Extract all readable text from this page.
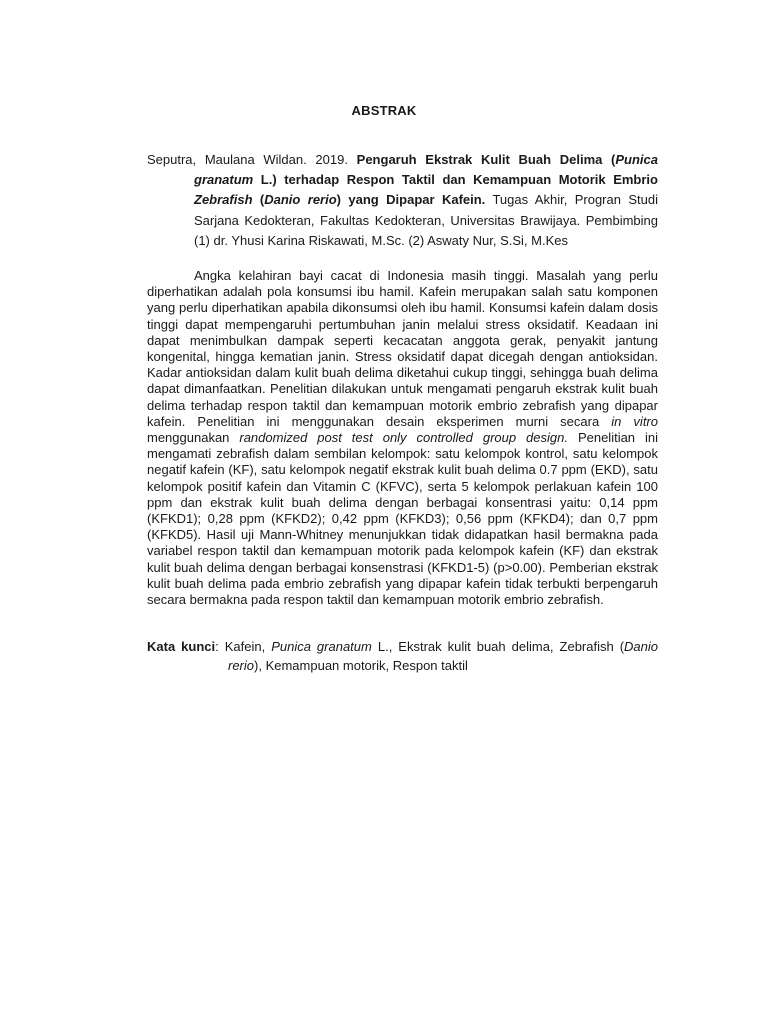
ABSTRAK
Seputra, Maulana Wildan. 2019. Pengaruh Ekstrak Kulit Buah Delima (Punica granatum L.) terhadap Respon Taktil dan Kemampuan Motorik Embrio Zebrafish (Danio rerio) yang Dipapar Kafein. Tugas Akhir, Progran Studi Sarjana Kedokteran, Fakultas Kedokteran, Universitas Brawijaya. Pembimbing (1) dr. Yhusi Karina Riskawati, M.Sc. (2) Aswaty Nur, S.Si, M.Kes
Angka kelahiran bayi cacat di Indonesia masih tinggi. Masalah yang perlu diperhatikan adalah pola konsumsi ibu hamil. Kafein merupakan salah satu komponen yang perlu diperhatikan apabila dikonsumsi oleh ibu hamil. Konsumsi kafein dalam dosis tinggi dapat mempengaruhi pertumbuhan janin melalui stress oksidatif. Keadaan ini dapat menimbulkan dampak seperti kecacatan anggota gerak, penyakit jantung kongenital, hingga kematian janin. Stress oksidatif dapat dicegah dengan antioksidan. Kadar antioksidan dalam kulit buah delima diketahui cukup tinggi, sehingga buah delima dapat dimanfaatkan. Penelitian dilakukan untuk mengamati pengaruh ekstrak kulit buah delima terhadap respon taktil dan kemampuan motorik embrio zebrafish yang dipapar kafein. Penelitian ini menggunakan desain eksperimen murni secara in vitro menggunakan randomized post test only controlled group design. Penelitian ini mengamati zebrafish dalam sembilan kelompok: satu kelompok kontrol, satu kelompok negatif kafein (KF), satu kelompok negatif ekstrak kulit buah delima 0.7 ppm (EKD), satu kelompok positif kafein dan Vitamin C (KFVC), serta 5 kelompok perlakuan kafein 100 ppm dan ekstrak kulit buah delima dengan berbagai konsentrasi yaitu: 0,14 ppm (KFKD1); 0,28 ppm (KFKD2); 0,42 ppm (KFKD3); 0,56 ppm (KFKD4); dan 0,7 ppm (KFKD5). Hasil uji Mann-Whitney menunjukkan tidak didapatkan hasil bermakna pada variabel respon taktil dan kemampuan motorik pada kelompok kafein (KF) dan ekstrak kulit buah delima dengan berbagai konsenstrasi (KFKD1-5) (p>0.00). Pemberian ekstrak kulit buah delima pada embrio zebrafish yang dipapar kafein tidak terbukti berpengaruh secara bermakna pada respon taktil dan kemampuan motorik embrio zebrafish.
Kata kunci: Kafein, Punica granatum L., Ekstrak kulit buah delima, Zebrafish (Danio rerio), Kemampuan motorik, Respon taktil
